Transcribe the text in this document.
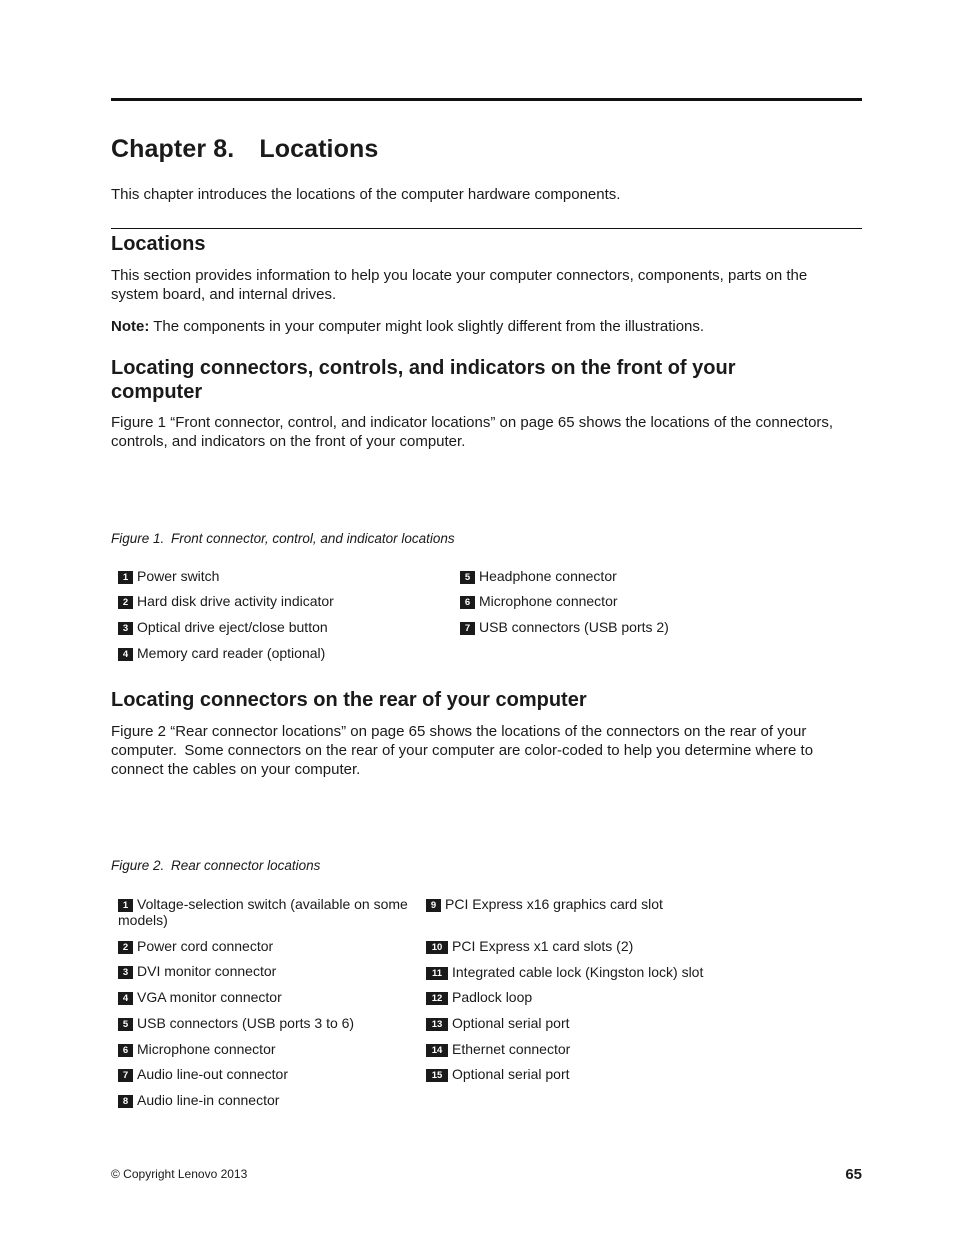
Chapter 8. Locations

This chapter introduces the locations of the computer hardware components.

Locations

This section provides information to help you locate your computer connectors, components, parts on the system board, and internal drives.

Note: The components in your computer might look slightly different from the illustrations.

Locating connectors, controls, and indicators on the front of your computer

Figure 1 “Front connector, control, and indicator locations” on page 65 shows the locations of the connectors, controls, and indicators on the front of your computer.

Figure 1. Front connector, control, and indicator locations
1 Power switch
2 Hard disk drive activity indicator
3 Optical drive eject/close button
4 Memory card reader (optional)
5 Headphone connector
6 Microphone connector
7 USB connectors (USB ports 2)
Locating connectors on the rear of your computer

Figure 2 “Rear connector locations” on page 65 shows the locations of the connectors on the rear of your computer. Some connectors on the rear of your computer are color-coded to help you determine where to connect the cables on your computer.

Figure 2. Rear connector locations
1 Voltage-selection switch (available on some models)
2 Power cord connector
3 DVI monitor connector
4 VGA monitor connector
5 USB connectors (USB ports 3 to 6)
6 Microphone connector
7 Audio line-out connector
8 Audio line-in connector
9 PCI Express x16 graphics card slot
10 PCI Express x1 card slots (2)
11 Integrated cable lock (Kingston lock) slot
12 Padlock loop
13 Optional serial port
14 Ethernet connector
15 Optional serial port
© Copyright Lenovo 2013	65
